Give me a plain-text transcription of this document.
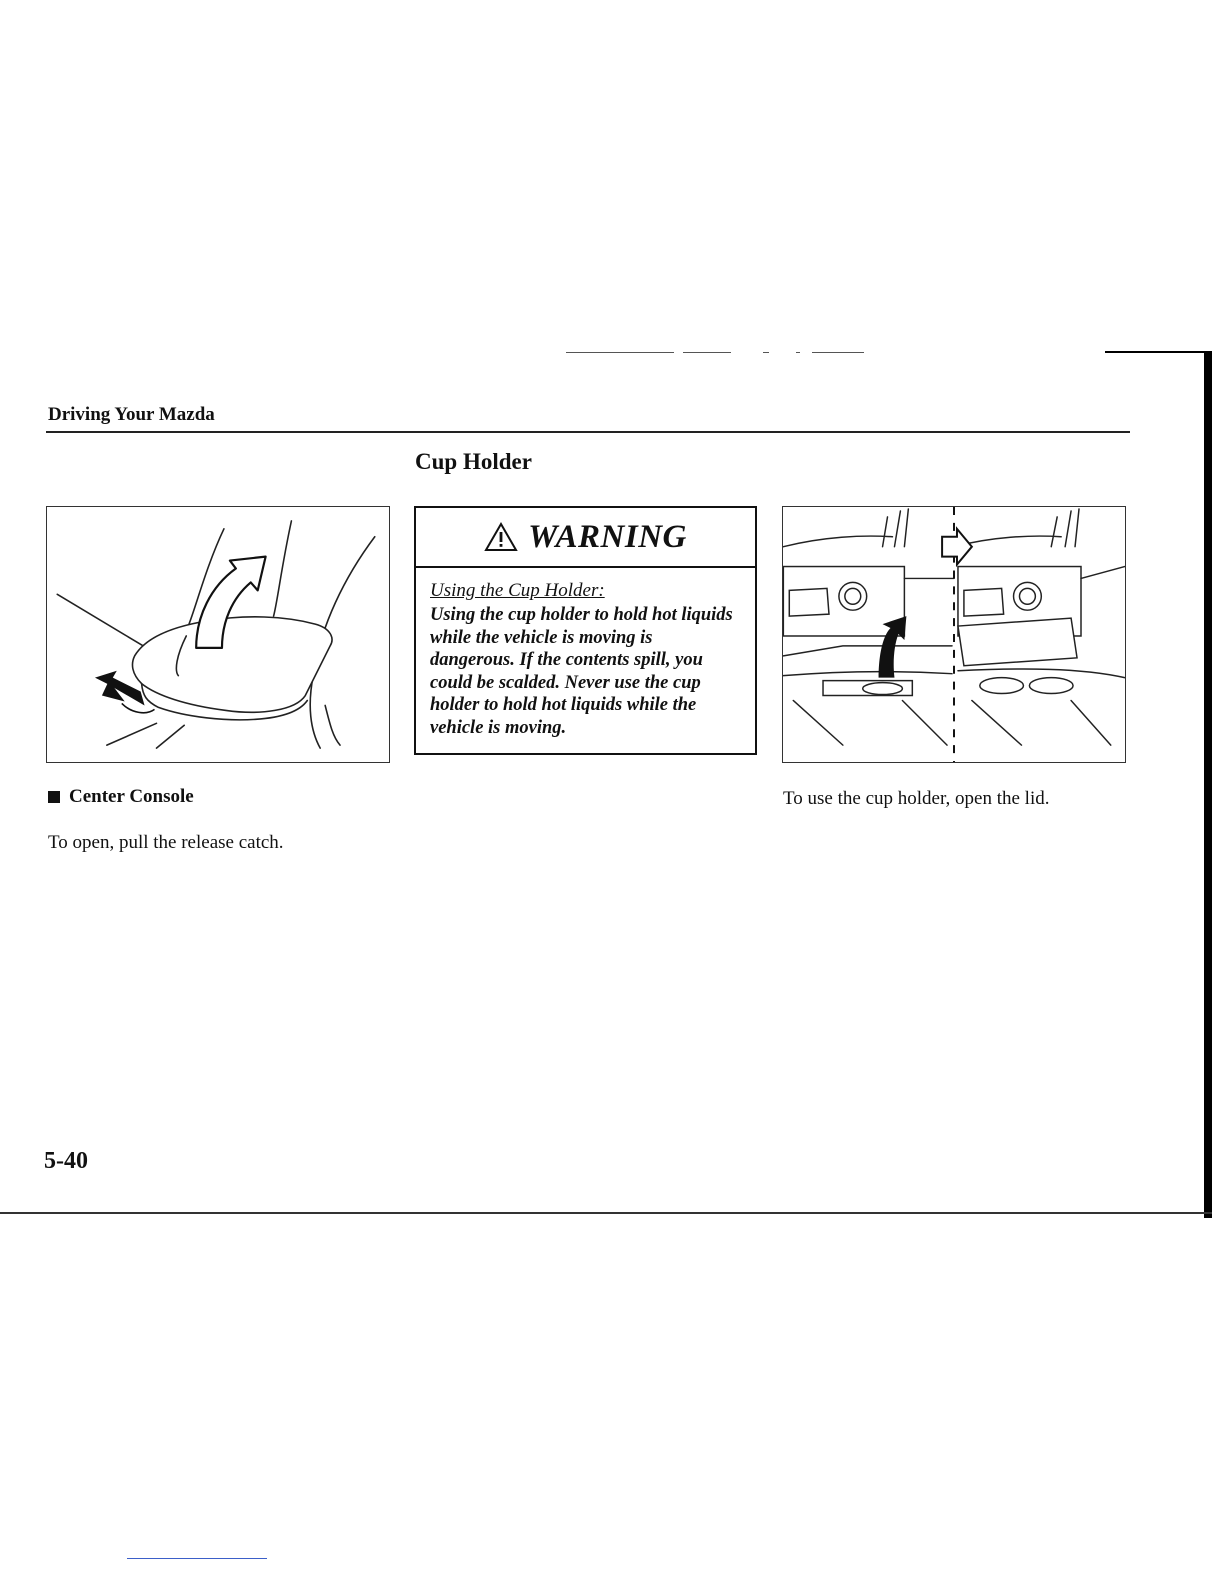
Driving Your Mazda
Cup Holder
WARNING
Using the Cup Holder:
Using the cup holder to hold hot liquids while the vehicle is moving is dangerous. If the contents spill, you could be scalded. Never use the cup holder to hold hot liquids while the vehicle is moving.
Center Console
To open, pull the release catch.
To use the cup holder, open the lid.
5-40
